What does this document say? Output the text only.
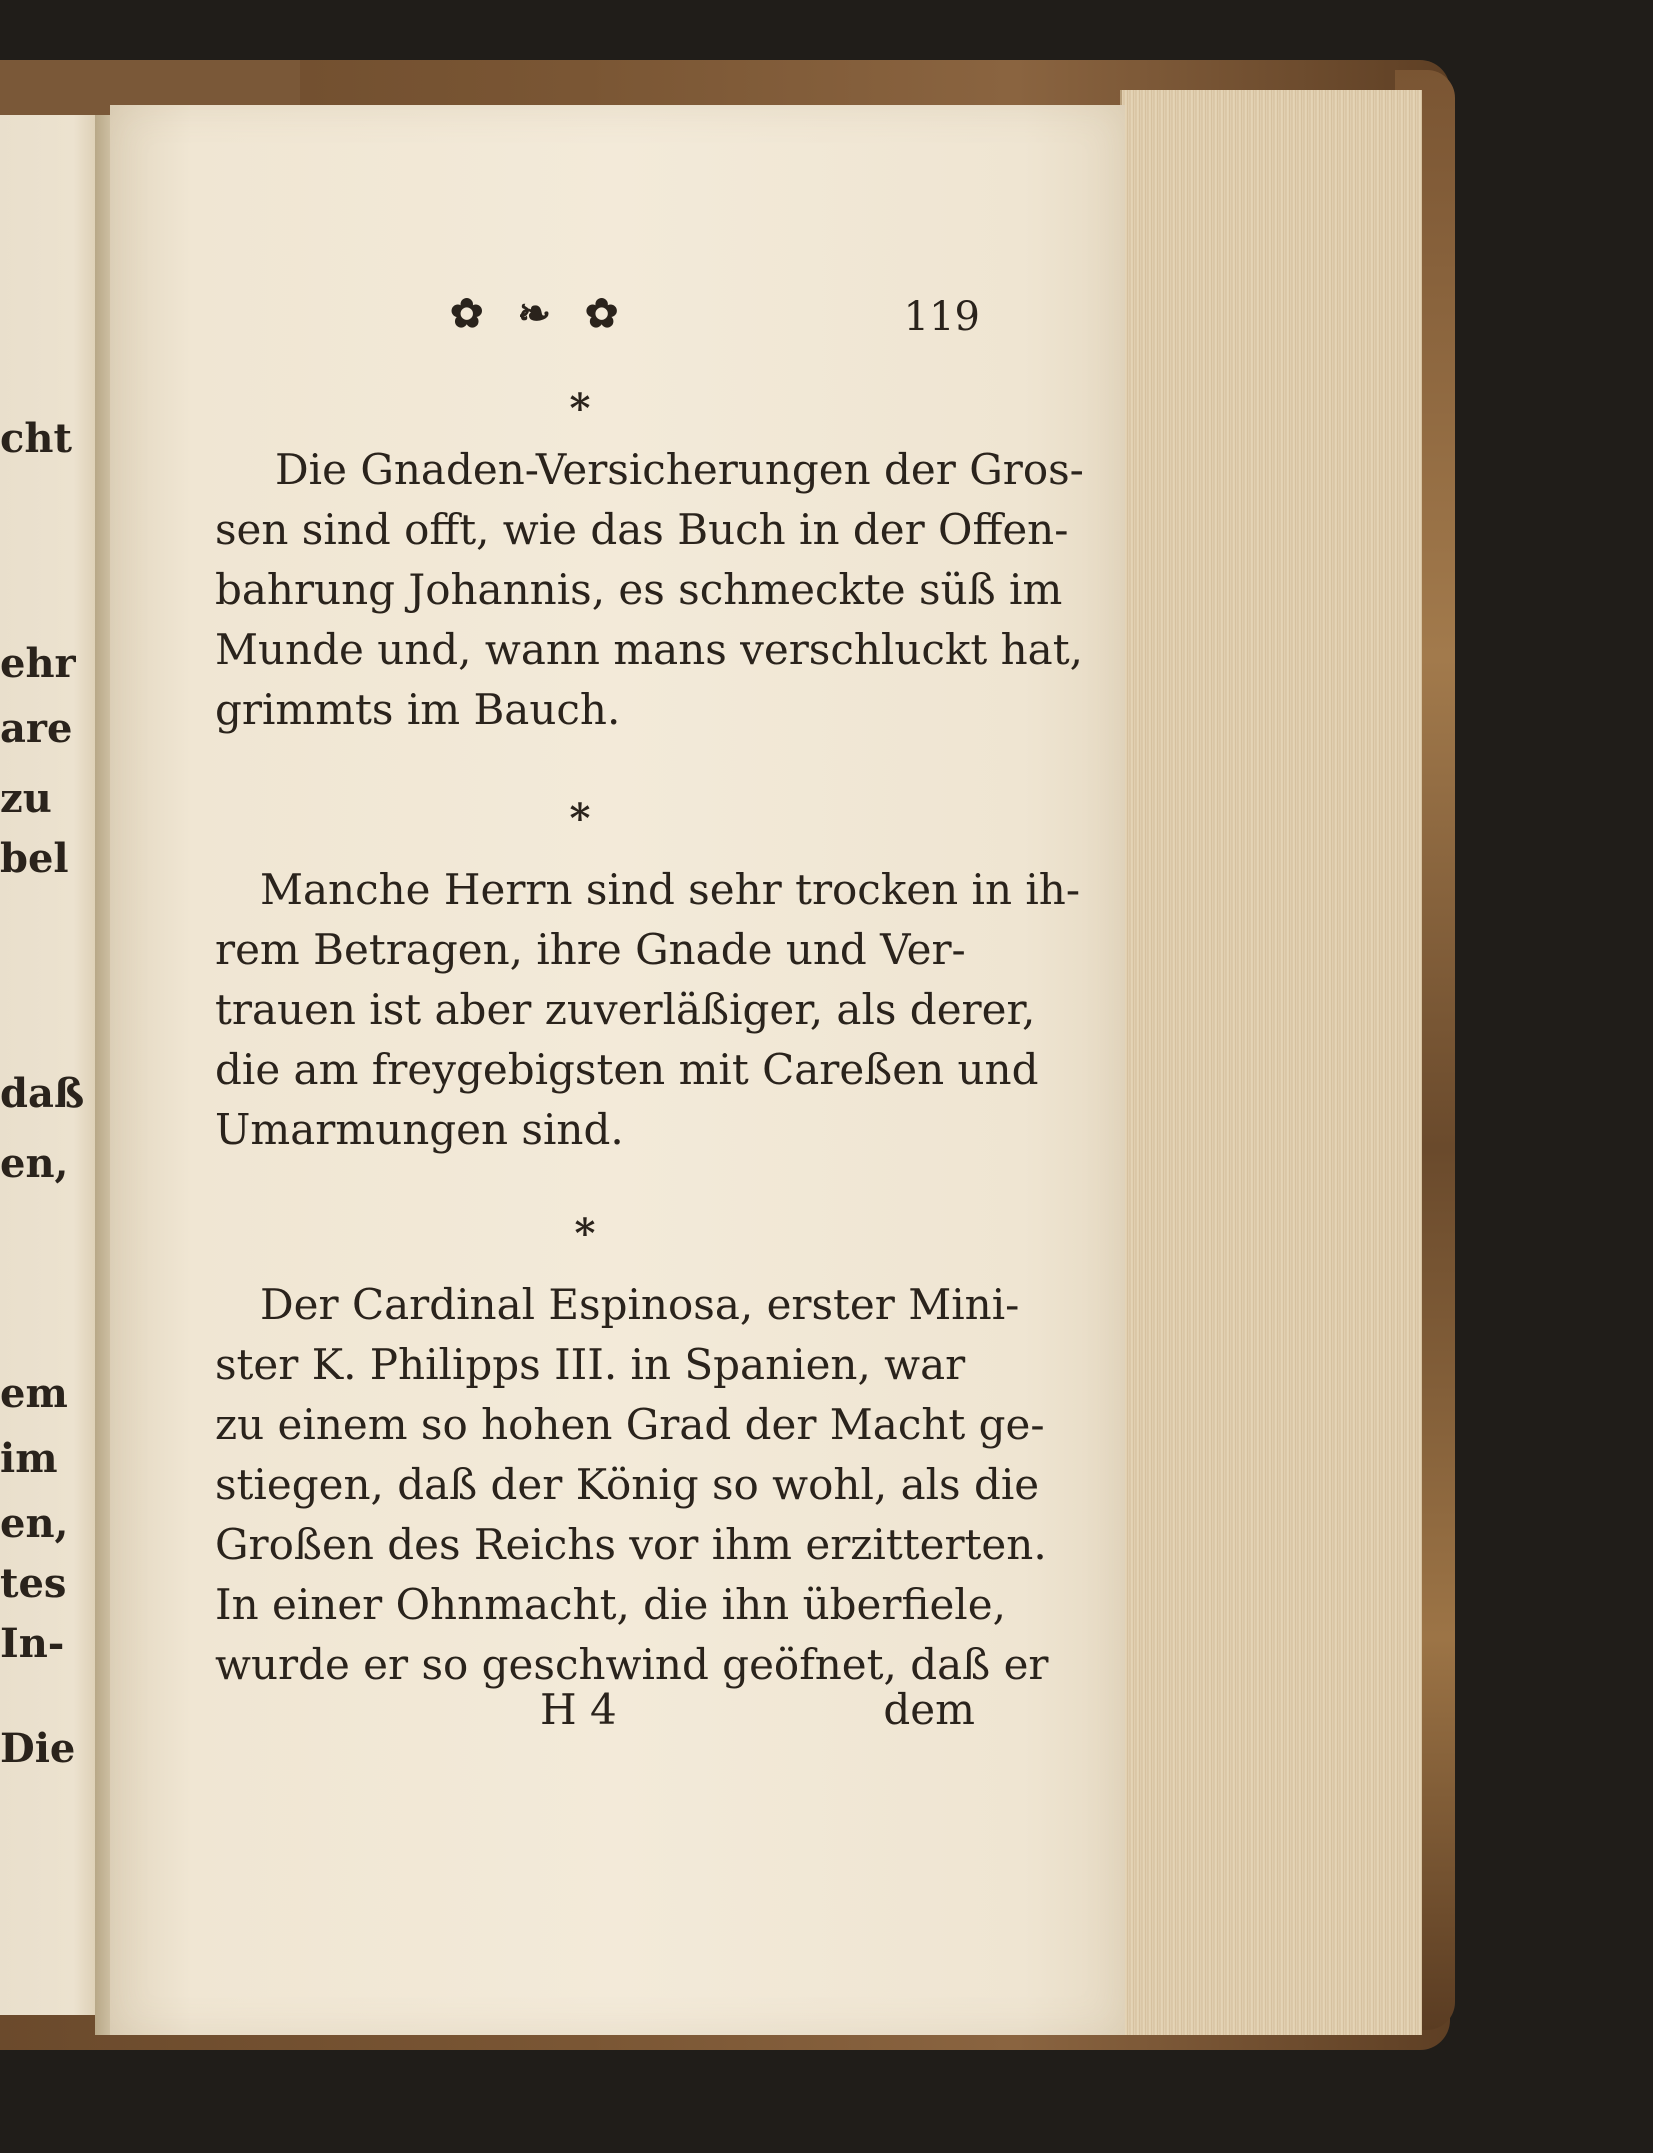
cht
ehr
are
zu
bel
daß
en,
em
im
en,
tes
In-
Die
✿ ❧ ✿	119
*
Die Gnaden-Versicherungen der Gros-
sen sind offt, wie das Buch in der Offen-
bahrung Johannis, es schmeckte süß im
Munde und, wann mans verschluckt hat,
grimmts im Bauch.
*
Manche Herrn sind sehr trocken in ih-
rem Betragen, ihre Gnade und Ver-
trauen ist aber zuverläßiger, als derer,
die am freygebigsten mit Careßen und
Umarmungen sind.
*
Der Cardinal Espinosa, erster Mini-
ster K. Philipps III. in Spanien, war
zu einem so hohen Grad der Macht ge-
stiegen, daß der König so wohl, als die
Großen des Reichs vor ihm erzitterten.
In einer Ohnmacht, die ihn überfiele,
wurde er so geschwind geöfnet, daß er
H 4	dem
